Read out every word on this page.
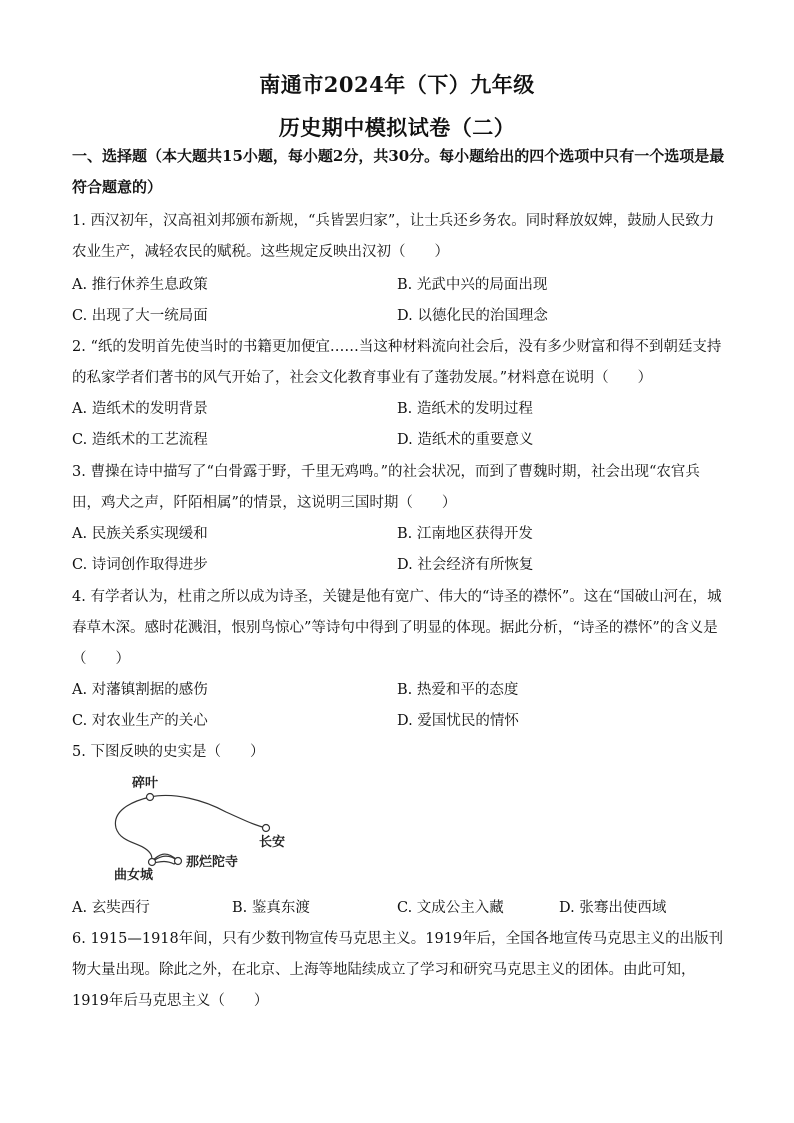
南通市2024年（下）九年级
历史期中模拟试卷（二）
一、选择题（本大题共15小题，每小题2分，共30分。每小题给出的四个选项中只有一个选项是最符合题意的）
1. 西汉初年，汉高祖刘邦颁布新规，“兵皆罢归家”，让士兵还乡务农。同时释放奴婢，鼓励人民致力农业生产，减轻农民的赋税。这些规定反映出汉初（　　）
A. 推行休养生息政策	B. 光武中兴的局面出现
C. 出现了大一统局面	D. 以德化民的治国理念
2. “纸的发明首先使当时的书籍更加便宜……当这种材料流向社会后，没有多少财富和得不到朝廷支持的私家学者们著书的风气开始了，社会文化教育事业有了蓬勃发展。”材料意在说明（　　）
A. 造纸术的发明背景	B. 造纸术的发明过程
C. 造纸术的工艺流程	D. 造纸术的重要意义
3. 曹操在诗中描写了“白骨露于野，千里无鸡鸣。”的社会状况，而到了曹魏时期，社会出现“农官兵田，鸡犬之声，阡陌相属”的情景，这说明三国时期（　　）
A. 民族关系实现缓和	B. 江南地区获得开发
C. 诗词创作取得进步	D. 社会经济有所恢复
4. 有学者认为，杜甫之所以成为诗圣，关键是他有宽广、伟大的“诗圣的襟怀”。这在“国破山河在，城春草木深。感时花溅泪，恨别鸟惊心”等诗句中得到了明显的体现。据此分析，“诗圣的襟怀”的含义是（　　）
A. 对藩镇割据的感伤	B. 热爱和平的态度
C. 对农业生产的关心	D. 爱国忧民的情怀
5. 下图反映的史实是（　　）
碎叶
长安
那烂陀寺
曲女城
A. 玄奘西行	B. 鉴真东渡	C. 文成公主入藏	D. 张骞出使西域
6. 1915—1918年间，只有少数刊物宣传马克思主义。1919年后，全国各地宣传马克思主义的出版刊物大量出现。除此之外，在北京、上海等地陆续成立了学习和研究马克思主义的团体。由此可知，1919年后马克思主义（　　）
